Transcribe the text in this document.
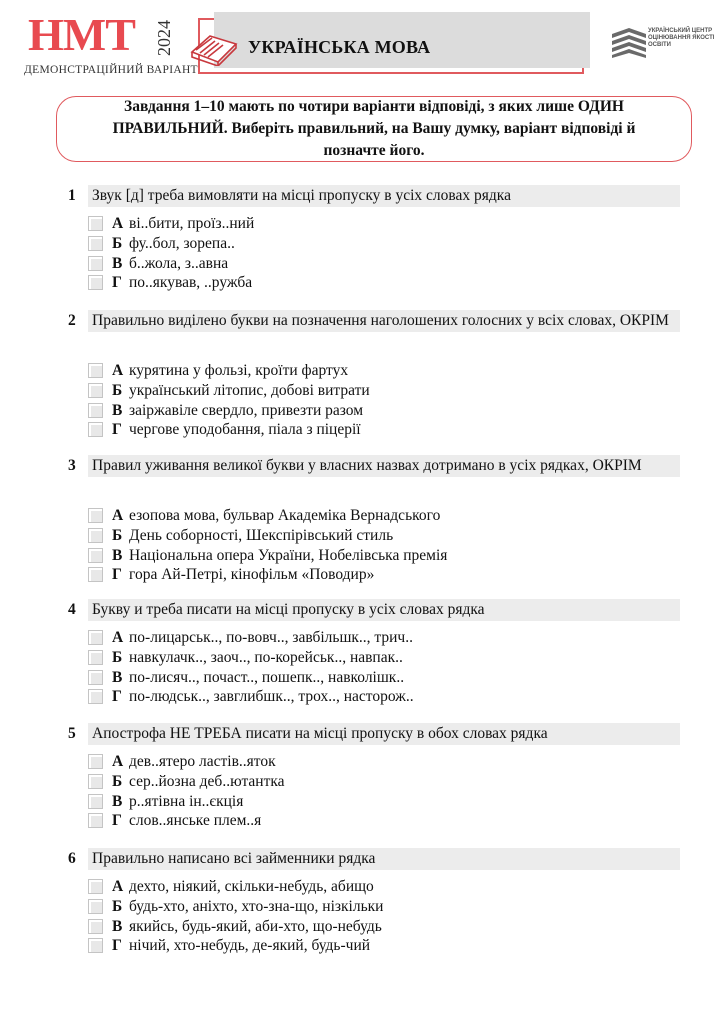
НМТ 2024
ДЕМОНСТРАЦІЙНИЙ ВАРІАНТ
УКРАЇНСЬКА МОВА
УКРАЇНСЬКИЙ ЦЕНТР ОЦІНЮВАННЯ ЯКОСТІ ОСВІТИ
Завдання 1–10 мають по чотири варіанти відповіді, з яких лише ОДИН ПРАВИЛЬНИЙ. Виберіть правильний, на Вашу думку, варіант відповіді й позначте його.
1 Звук [д] треба вимовляти на місці пропуску в усіх словах рядка
А ві..бити, проїз..ний
Б фу..бол, зорепа..
В б..жола, з..авна
Г по..якував, ..ружба
2 Правильно виділено букви на позначення наголошених голосних у всіх словах, ОКРІМ
А курятина у фользі, кроїти фартух
Б український літопис, добові витрати
В заіржавіле свердло, привезти разом
Г чергове уподобання, піала з піцерії
3 Правил уживання великої букви у власних назвах дотримано в усіх рядках, ОКРІМ
А езопова мова, бульвар Академіка Вернадського
Б День соборності, Шекспірівський стиль
В Національна опера України, Нобелівська премія
Г гора Ай-Петрі, кінофільм «Поводир»
4 Букву и треба писати на місці пропуску в усіх словах рядка
А по-лицарськ.., по-вовч.., завбільшк.., трич..
Б навкулачк.., заоч.., по-корейськ.., навпак..
В по-лисяч.., почаст.., пошепк.., навколішк..
Г по-людськ.., завглибшк.., трох.., насторож..
5 Апострофа НЕ ТРЕБА писати на місці пропуску в обох словах рядка
А дев..ятеро ластів..яток
Б сер..йозна деб..ютантка
В р..ятівна ін..єкція
Г слов..янське плем..я
6 Правильно написано всі займенники рядка
А дехто, ніякий, скільки-небудь, абищо
Б будь-хто, аніхто, хто-зна-що, нізкільки
В якийсь, будь-який, аби-хто, що-небудь
Г нічий, хто-небудь, де-який, будь-чий
